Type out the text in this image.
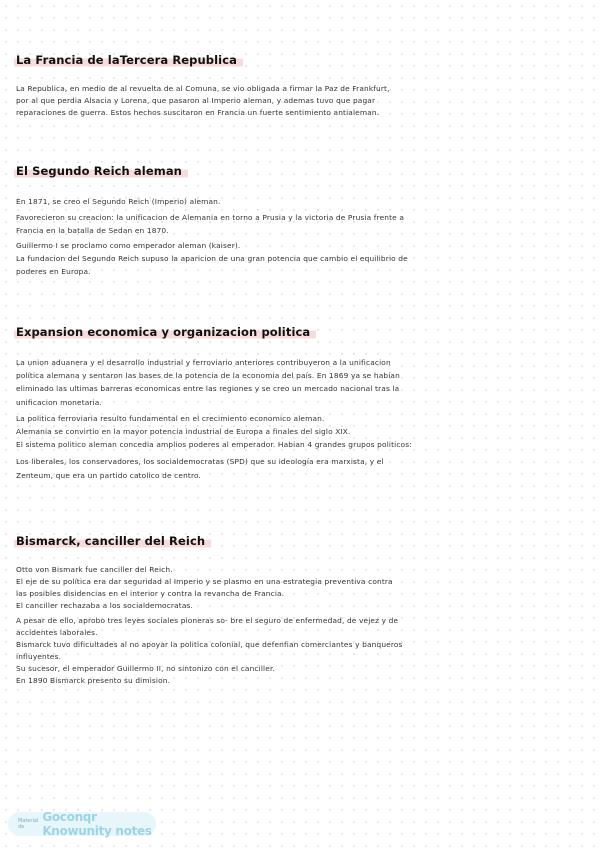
La Francia de laTercera Republica
La Republica, en medio de al revuelta de al Comuna, se vio obligada a firmar la Paz de Frankfurt,
por al que perdia Alsacia y Lorena, que pasaron al Imperio aleman, y ademas tuvo que pagar
reparaciones de guerra. Estos hechos suscitaron en Francia un fuerte sentimiento antialeman.
El Segundo Reich aleman
En 1871, se creo el Segundo Reich (Imperio) aleman.
Favorecieron su creacion: la unificacion de Alemania en torno a Prusia y la victoria de Prusia frente a
Francia en la batalla de Sedan en 1870.
Guillermo I se proclamo como emperador aleman (kaiser).
La fundacion del Segundo Reich supuso la aparicion de una gran potencia que cambio el equilibrio de
poderes en Europa.
Expansion economica y organizacion politica
La union aduanera y el desarrollo industrial y ferroviario anteriores contribuyeron a la unificacion
política alemana y sentaron las bases de la potencia de la economia del país. En 1869 ya se habían
eliminado las ultimas barreras economicas entre las regiones y se creo un mercado nacional tras la
unificacion monetaria.
La politica ferroviaria resulto fundamental en el crecimiento economico aleman.
Alemania se convirtio en la mayor potencia industrial de Europa a finales del siglo XIX.
El sistema politico aleman concedia amplios poderes al emperador. Habian 4 grandes grupos politicos:
Los liberales, los conservadores, los socialdemocratas (SPD) que su ideología era marxista, y el
Zenteum, que era un partido catolico de centro.
Bismarck, canciller del Reich
Otto von Bismark fue canciller del Reich.
El eje de su política era dar seguridad al Imperio y se plasmo en una estrategia preventiva contra
las posibles disidencias en el interior y contra la revancha de Francia.
El canciller rechazaba a los socialdemocratas.
A pesar de ello, aprobo tres leyes sociales pioneras so- bre el seguro de enfermedad, de vejez y de
accidentes laborales.
Bismarck tuvo dificultades al no apoyar la politica colonial, que defenfian comerciantes y banqueros
influyentes.
Su sucesor, el emperador Guillermo II, no sintonizo con el canciller.
En 1890 Bismarck presento su dimision.
Material de
Goconqr Knowunity notes
